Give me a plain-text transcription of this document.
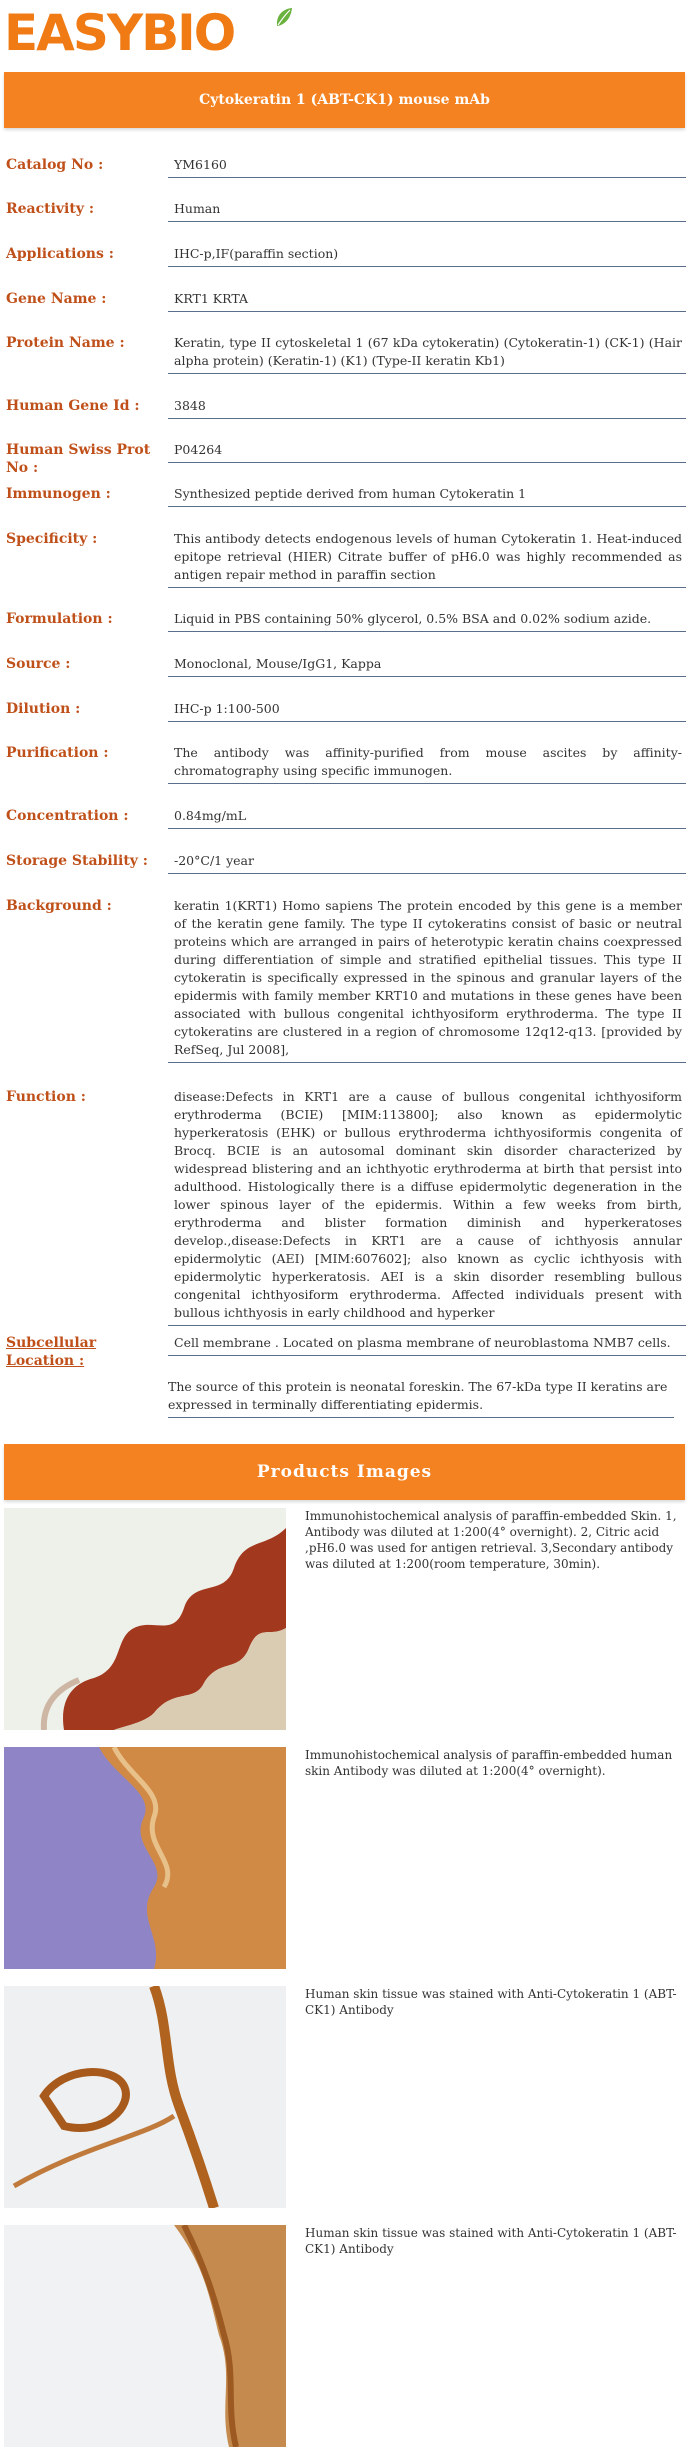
EASYBIO
Cytokeratin 1 (ABT-CK1) mouse mAb
Catalog No :	YM6160
Reactivity :	Human
Applications :	IHC-p,IF(paraffin section)
Gene Name :	KRT1 KRTA
Protein Name :	Keratin, type II cytoskeletal 1 (67 kDa cytokeratin) (Cytokeratin-1) (CK-1) (Hair alpha protein) (Keratin-1) (K1) (Type-II keratin Kb1)
Human Gene Id :	3848
Human Swiss Prot No :
P04264
Immunogen :	Synthesized peptide derived from human Cytokeratin 1
Specificity :	This antibody detects endogenous levels of human Cytokeratin 1. Heat-induced epitope retrieval (HIER) Citrate buffer of pH6.0 was highly recommended as antigen repair method in paraffin section
Formulation :	Liquid in PBS containing 50% glycerol, 0.5% BSA and 0.02% sodium azide.
Source :	Monoclonal, Mouse/IgG1, Kappa
Dilution :	IHC-p 1:100-500
Purification :	The antibody was affinity-purified from mouse ascites by affinity-chromatography using specific immunogen.
Concentration :	0.84mg/mL
Storage Stability :	-20°C/1 year
Background :	keratin 1(KRT1) Homo sapiens The protein encoded by this gene is a member of the keratin gene family. The type II cytokeratins consist of basic or neutral proteins which are arranged in pairs of heterotypic keratin chains coexpressed during differentiation of simple and stratified epithelial tissues. This type II cytokeratin is specifically expressed in the spinous and granular layers of the epidermis with family member KRT10 and mutations in these genes have been associated with bullous congenital ichthyosiform erythroderma. The type II cytokeratins are clustered in a region of chromosome 12q12-q13. [provided by RefSeq, Jul 2008],
Function :	disease:Defects in KRT1 are a cause of bullous congenital ichthyosiform erythroderma (BCIE) [MIM:113800]; also known as epidermolytic hyperkeratosis (EHK) or bullous erythroderma ichthyosiformis congenita of Brocq. BCIE is an autosomal dominant skin disorder characterized by widespread blistering and an ichthyotic erythroderma at birth that persist into adulthood. Histologically there is a diffuse epidermolytic degeneration in the lower spinous layer of the epidermis. Within a few weeks from birth, erythroderma and blister formation diminish and hyperkeratoses develop.,disease:Defects in KRT1 are a cause of ichthyosis annular epidermolytic (AEI) [MIM:607602]; also known as cyclic ichthyosis with epidermolytic hyperkeratosis. AEI is a skin disorder resembling bullous congenital ichthyosiform erythroderma. Affected individuals present with bullous ichthyosis in early childhood and hyperker
Subcellular Location :
Cell membrane . Located on plasma membrane of neuroblastoma NMB7 cells.
The source of this protein is neonatal foreskin. The 67-kDa type II keratins are expressed in terminally differentiating epidermis.
Products Images
Immunohistochemical analysis of paraffin-embedded Skin. 1, Antibody was diluted at 1:200(4° overnight). 2, Citric acid ,pH6.0 was used for antigen retrieval. 3,Secondary antibody was diluted at 1:200(room temperature, 30min).
Immunohistochemical analysis of paraffin-embedded human skin Antibody was diluted at 1:200(4° overnight).
Human skin tissue was stained with Anti-Cytokeratin 1 (ABT-CK1) Antibody
Human skin tissue was stained with Anti-Cytokeratin 1 (ABT-CK1) Antibody
